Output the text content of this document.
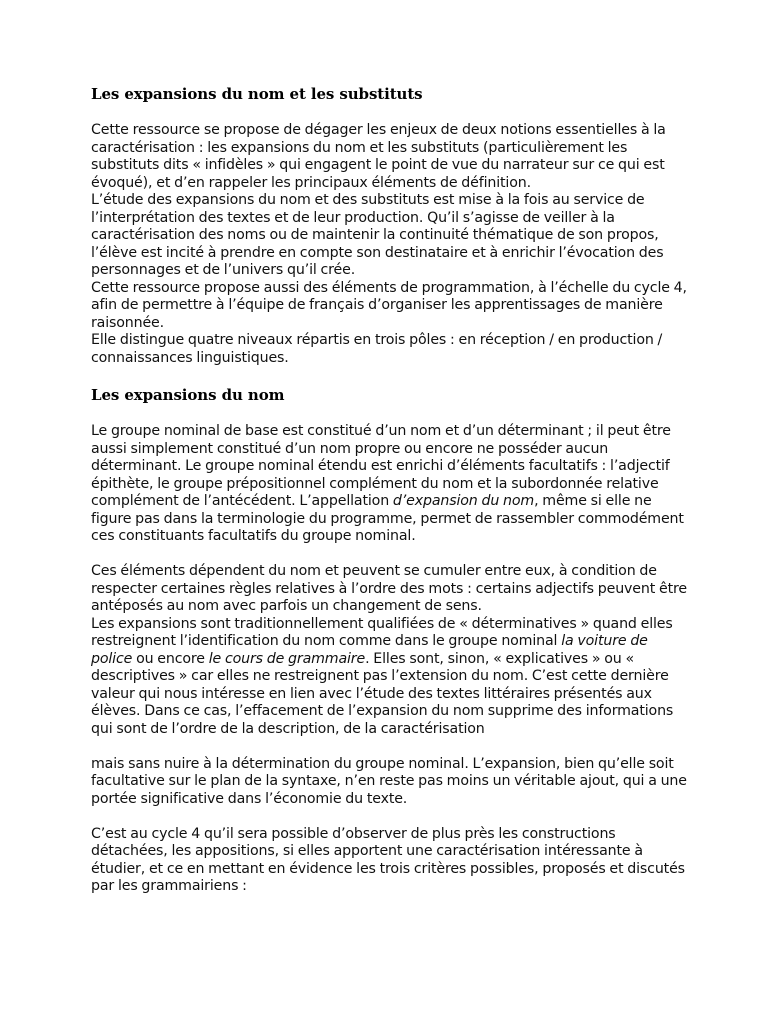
Les expansions du nom et les substituts

Cette ressource se propose de dégager les enjeux de deux notions essentielles à la caractérisation : les expansions du nom et les substituts (particulièrement les substituts dits « infidèles » qui engagent le point de vue du narrateur sur ce qui est évoqué), et d’en rappeler les principaux éléments de définition.

L’étude des expansions du nom et des substituts est mise à la fois au service de l’interprétation des textes et de leur production. Qu’il s’agisse de veiller à la caractérisation des noms ou de maintenir la continuité thématique de son propos, l’élève est incité à prendre en compte son destinataire et à enrichir l’évocation des personnages et de l’univers qu’il crée.

Cette ressource propose aussi des éléments de programmation, à l’échelle du cycle 4, afin de permettre à l’équipe de français d’organiser les apprentissages de manière raisonnée.

Elle distingue quatre niveaux répartis en trois pôles : en réception / en production / connaissances linguistiques.

Les expansions du nom

Le groupe nominal de base est constitué d’un nom et d’un déterminant ; il peut être aussi simplement constitué d’un nom propre ou encore ne posséder aucun déterminant. Le groupe nominal étendu est enrichi d’éléments facultatifs : l’adjectif épithète, le groupe prépositionnel complément du nom et la subordonnée relative complément de l’antécédent. L’appellation d’expansion du nom, même si elle ne figure pas dans la terminologie du programme, permet de rassembler commodément ces constituants facultatifs du groupe nominal.

Ces éléments dépendent du nom et peuvent se cumuler entre eux, à condition de respecter certaines règles relatives à l’ordre des mots : certains adjectifs peuvent être antéposés au nom avec parfois un changement de sens.

Les expansions sont traditionnellement qualifiées de « déterminatives » quand elles restreignent l’identification du nom comme dans le groupe nominal la voiture de police ou encore le cours de grammaire. Elles sont, sinon, « explicatives » ou « descriptives » car elles ne restreignent pas l’extension du nom. C’est cette dernière valeur qui nous intéresse en lien avec l’étude des textes littéraires présentés aux élèves. Dans ce cas, l’effacement de l’expansion du nom supprime des informations qui sont de l’ordre de la description, de la caractérisation

mais sans nuire à la détermination du groupe nominal. L’expansion, bien qu’elle soit facultative sur le plan de la syntaxe, n’en reste pas moins un véritable ajout, qui a une portée significative dans l’économie du texte.

C’est au cycle 4 qu’il sera possible d’observer de plus près les constructions détachées, les appositions, si elles apportent une caractérisation intéressante à étudier, et ce en mettant en évidence les trois critères possibles, proposés et discutés par les grammairiens :
